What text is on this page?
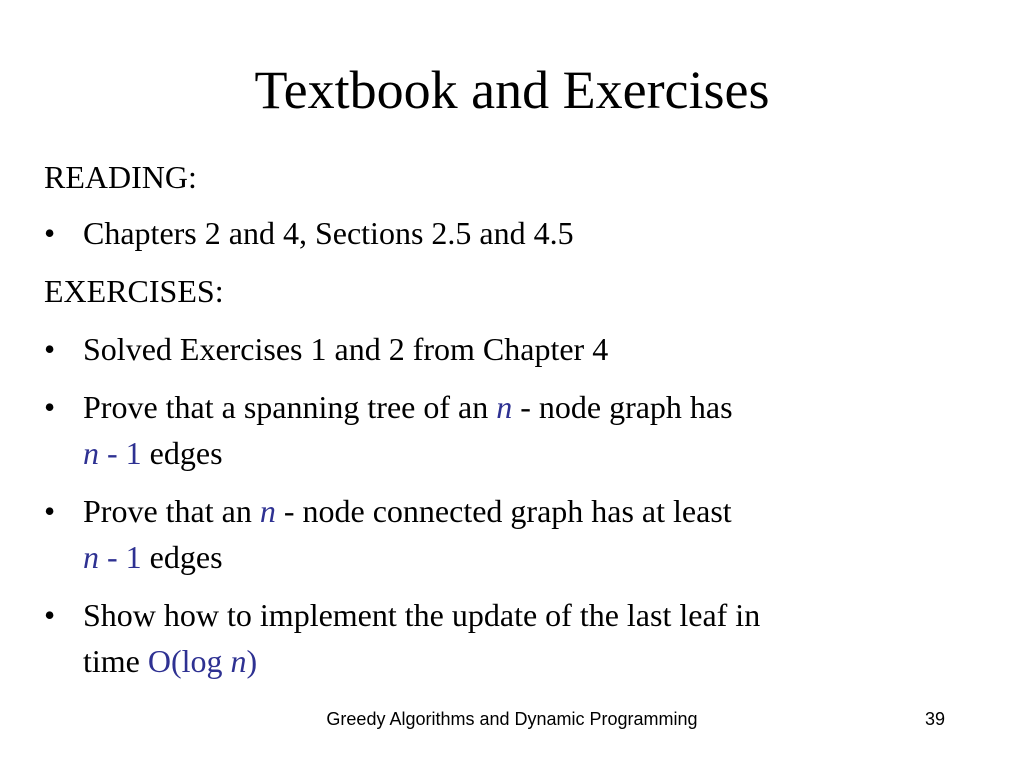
Textbook and Exercises
READING:
• Chapters 2 and 4, Sections 2.5 and 4.5
EXERCISES:
• Solved Exercises 1 and 2 from Chapter 4
• Prove that a spanning tree of an n - node graph has
n - 1 edges
• Prove that an n - node connected graph has at least
n - 1 edges
• Show how to implement the update of the last leaf in
time O(log n)
Greedy Algorithms and Dynamic Programming	39
